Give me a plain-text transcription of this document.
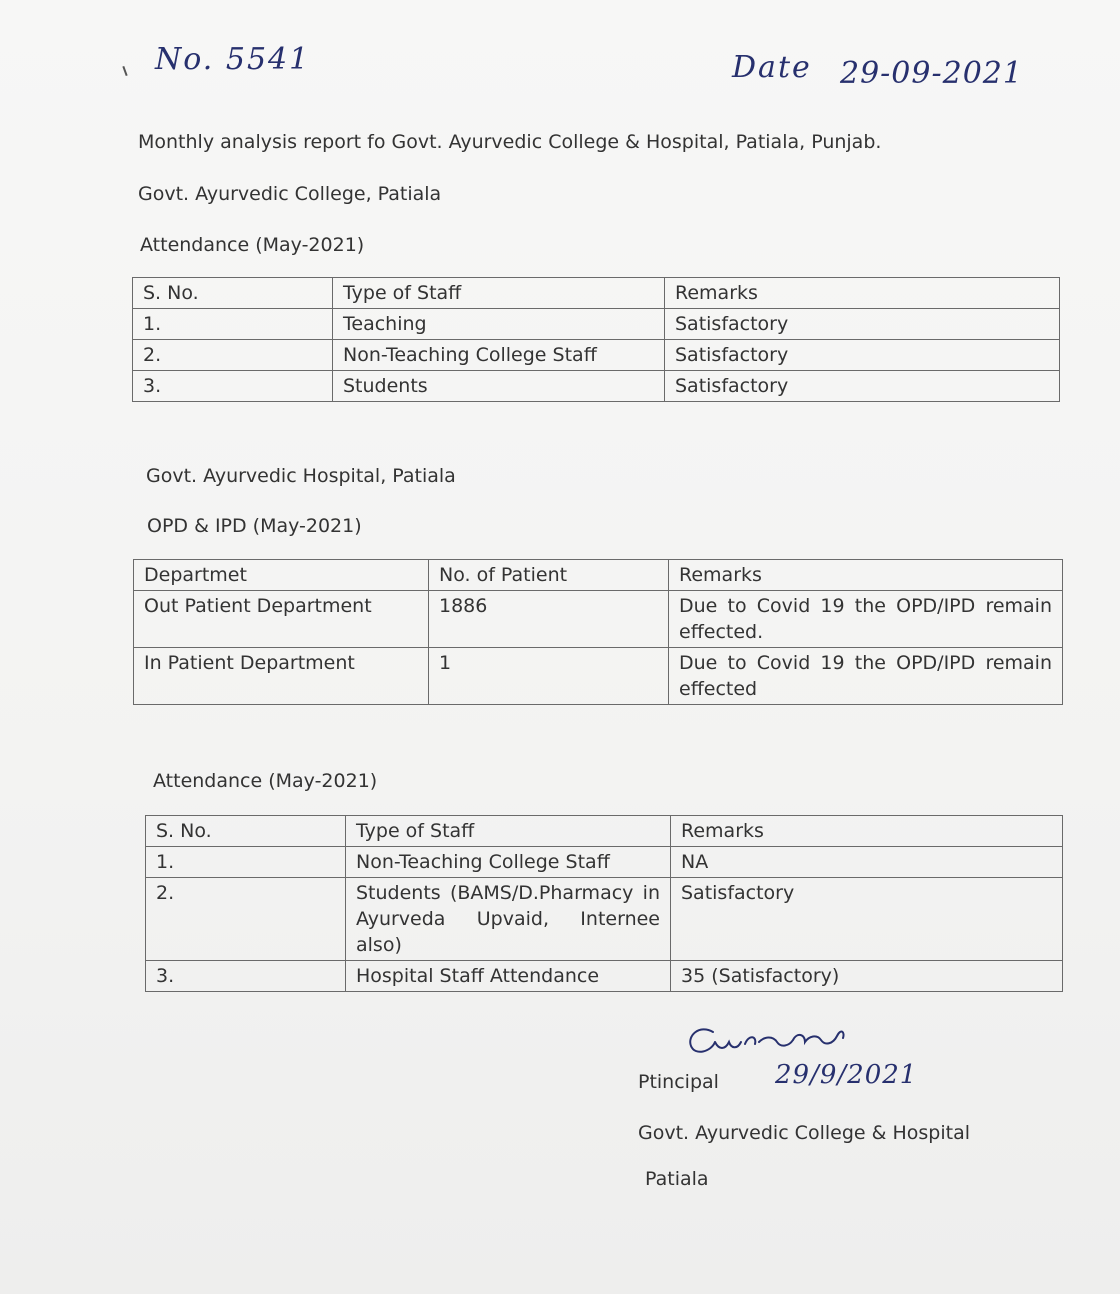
No. 5541	Date 29-09-2021
Monthly analysis report fo Govt. Ayurvedic College & Hospital, Patiala, Punjab.
Govt. Ayurvedic College, Patiala
Attendance (May-2021)
S. No.	Type of Staff	Remarks
1.	Teaching	Satisfactory
2.	Non-Teaching College Staff	Satisfactory
3.	Students	Satisfactory
Govt. Ayurvedic Hospital, Patiala
OPD & IPD (May-2021)
Departmet	No. of Patient	Remarks
Out Patient Department	1886	Due to Covid 19 the OPD/IPD remain effected.
In Patient Department	1	Due to Covid 19 the OPD/IPD remain effected
Attendance (May-2021)
S. No.	Type of Staff	Remarks
1.	Non-Teaching College Staff	NA
2.	Students (BAMS/D.Pharmacy in Ayurveda Upvaid, Internee also)	Satisfactory
3.	Hospital Staff Attendance	35 (Satisfactory)
Ptincipal 29/9/2021
Govt. Ayurvedic College & Hospital
Patiala
